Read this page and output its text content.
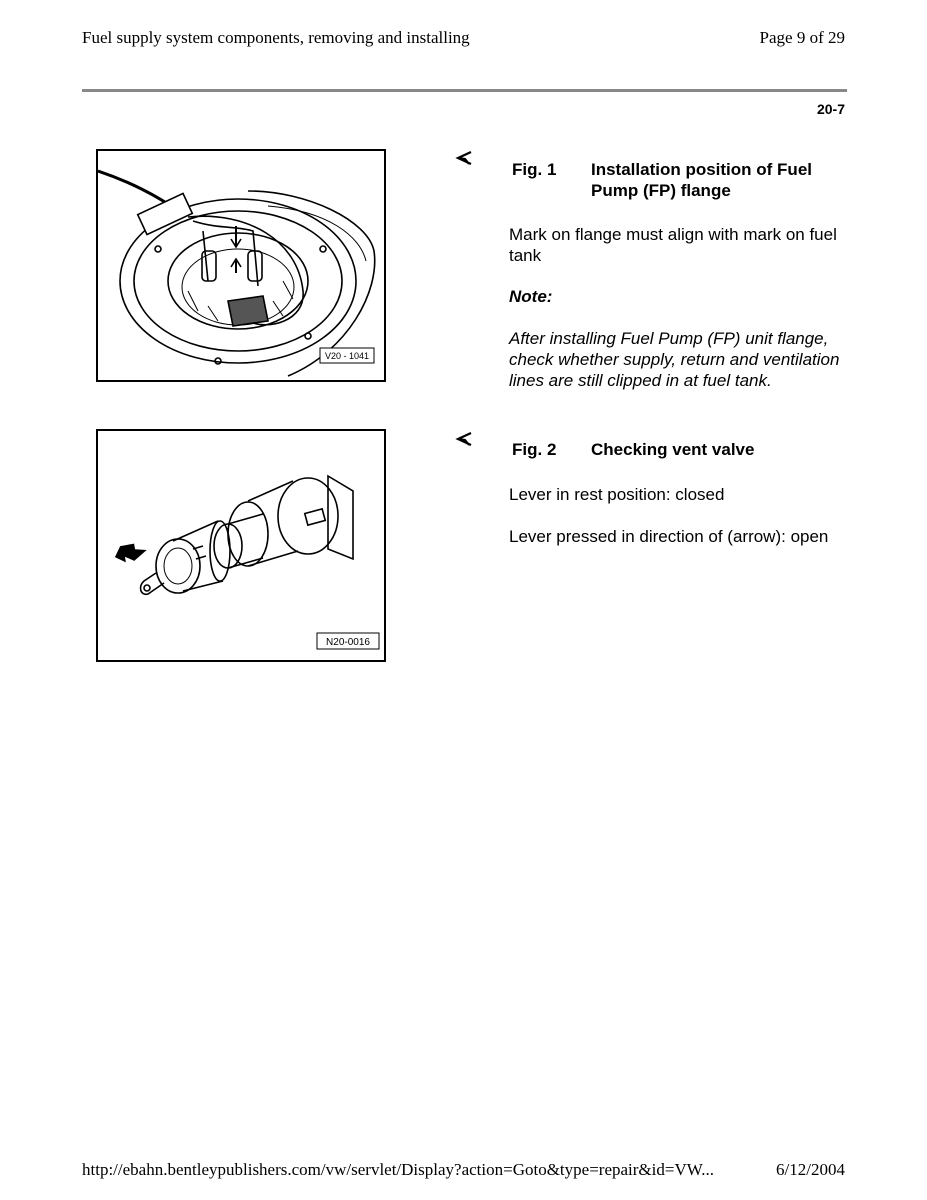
Fuel supply system components, removing and installing	Page 9 of 29
20-7
V20 - 1041
Fig. 1	Installation position of Fuel Pump (FP) flange
Mark on flange must align with mark on fuel tank
Note:
After installing Fuel Pump (FP) unit flange, check whether supply, return and ventilation lines are still clipped in at fuel tank.
N20-0016
Fig. 2	Checking vent valve
Lever in rest position: closed
Lever pressed in direction of (arrow): open
http://ebahn.bentleypublishers.com/vw/servlet/Display?action=Goto&type=repair&id=VW...	6/12/2004
